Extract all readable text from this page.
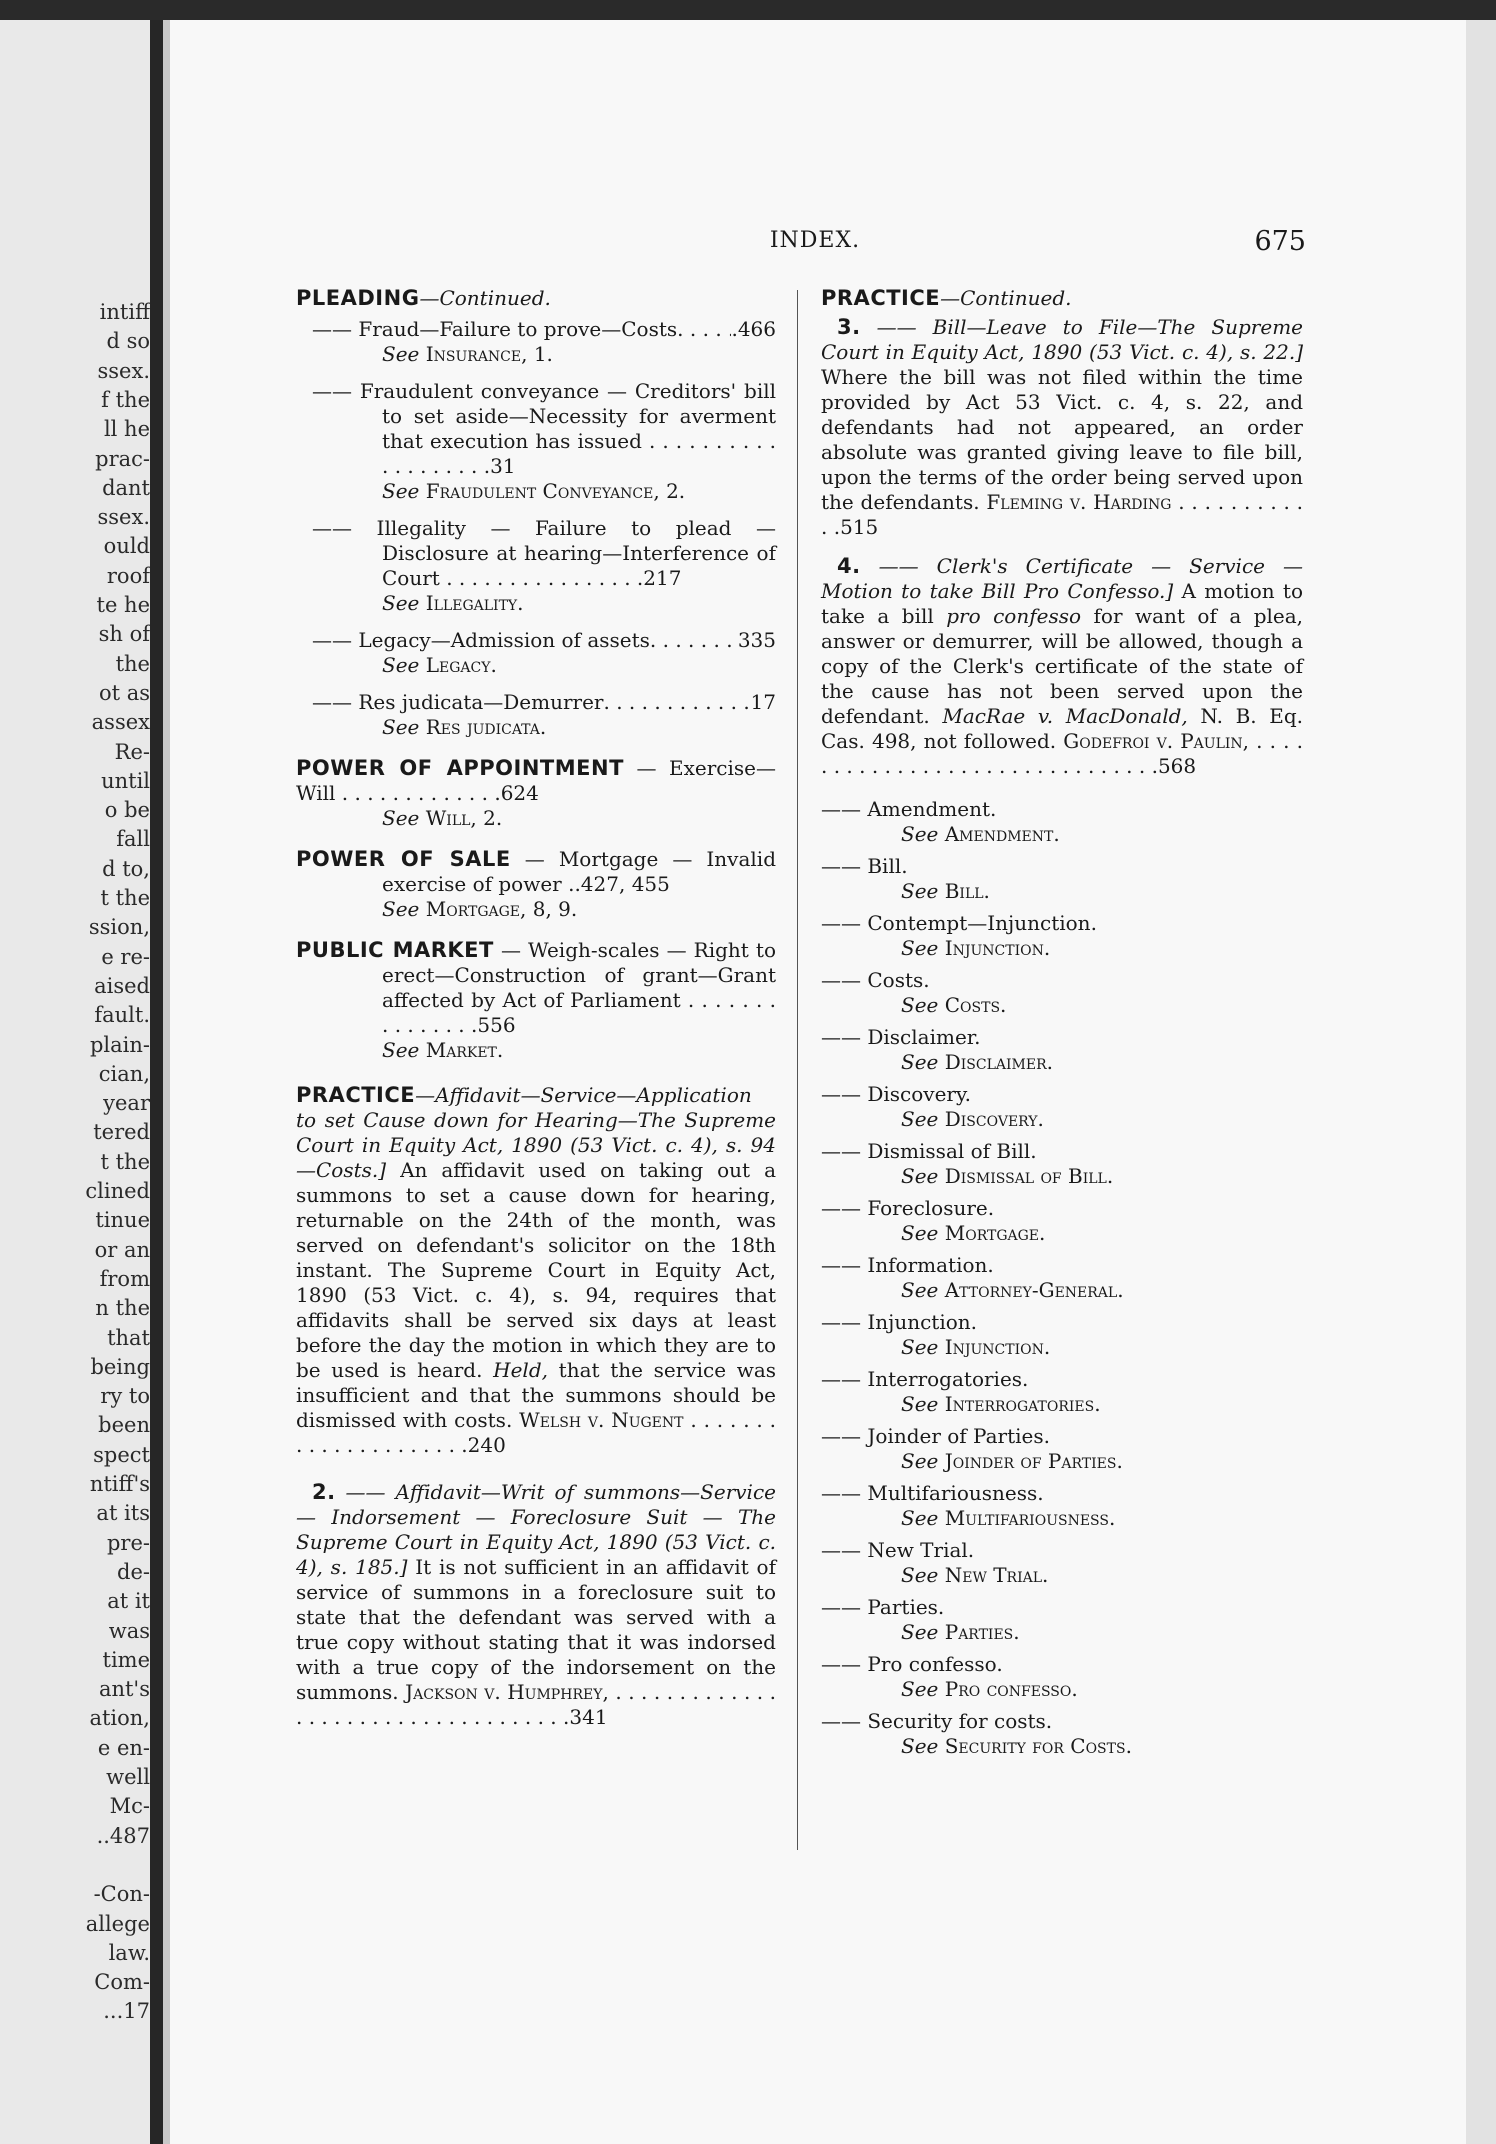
intiff
d so
ssex.
f the
ll he
prac-
dant
ssex.
ould
roof
te he
sh of
the
ot as
assex
Re-
until
o be
fall
d to,
t the
ssion,
e re-
aised
fault.
plain-
cian,
year
tered
t the
clined
tinue
or an
from
n the
that
being
ry to
been
spect
ntiff's
at its
pre-
de-
at it
was
time
ant's
ation,
e en-
well
Mc-
..487
-Con-
allege
law.
Com-
...17
INDEX.	675
PLEADING—Continued.
—— Fraud—Failure to prove—Costs . . .	.466
See Insurance, 1.
—— Fraudulent conveyance — Creditors' bill to set aside—Necessity for averment that execution has issued . . . . . . . . . . . . . . . . . . .31
See Fraudulent Conveyance, 2.
—— Illegality — Failure to plead — Disclosure at hearing—Interference of Court . . . . . . . . . . . . . . . .217
See Illegality.
—— Legacy—Admission of assets . . .	335
See Legacy.
—— Res judicata—Demurrer . . .	17
See Res judicata.
POWER OF APPOINTMENT — Exercise—Will . . . . . . . . . . . . .624
See Will, 2.
POWER OF SALE — Mortgage — Invalid exercise of power ..427, 455
See Mortgage, 8, 9.
PUBLIC MARKET — Weigh-scales — Right to erect—Construction of grant—Grant affected by Act of Parliament . . . . . . . . . . . . . . .556
See Market.
PRACTICE—Affidavit—Service—Application to set Cause down for Hearing—The Supreme Court in Equity Act, 1890 (53 Vict. c. 4), s. 94—Costs.] An affidavit used on taking out a summons to set a cause down for hearing, returnable on the 24th of the month, was served on defendant's solicitor on the 18th instant. The Supreme Court in Equity Act, 1890 (53 Vict. c. 4), s. 94, requires that affidavits shall be served six days at least before the day the motion in which they are to be used is heard. Held, that the service was insufficient and that the summons should be dismissed with costs. Welsh v. Nugent . . . . . . . . . . . . . . . . . . . . .240
2. —— Affidavit—Writ of summons—Service — Indorsement — Foreclosure Suit — The Supreme Court in Equity Act, 1890 (53 Vict. c. 4), s. 185.] It is not sufficient in an affidavit of service of summons in a foreclosure suit to state that the defendant was served with a true copy without stating that it was indorsed with a true copy of the indorsement on the summons. Jackson v. Humphrey, . . . . . . . . . . . . . . . . . . . . . . . . . . . . . . . . . . .341
PRACTICE—Continued.
3. —— Bill—Leave to File—The Supreme Court in Equity Act, 1890 (53 Vict. c. 4), s. 22.] Where the bill was not filed within the time provided by Act 53 Vict. c. 4, s. 22, and defendants had not appeared, an order absolute was granted giving leave to file bill, upon the terms of the order being served upon the defendants. Fleming v. Harding . . . . . . . . . . . .515
4. —— Clerk's Certificate — Service — Motion to take Bill Pro Confesso.] A motion to take a bill pro confesso for want of a plea, answer or demurrer, will be allowed, though a copy of the Clerk's certificate of the state of the cause has not been served upon the defendant. MacRae v. MacDonald, N. B. Eq. Cas. 498, not followed. Godefroi v. Paulin, . . . . . . . . . . . . . . . . . . . . . . . . . . . . . . .568
—— Amendment.
See Amendment.
—— Bill.
See Bill.
—— Contempt—Injunction.
See Injunction.
—— Costs.
See Costs.
—— Disclaimer.
See Disclaimer.
—— Discovery.
See Discovery.
—— Dismissal of Bill.
See Dismissal of Bill.
—— Foreclosure.
See Mortgage.
—— Information.
See Attorney-General.
—— Injunction.
See Injunction.
—— Interrogatories.
See Interrogatories.
—— Joinder of Parties.
See Joinder of Parties.
—— Multifariousness.
See Multifariousness.
—— New Trial.
See New Trial.
—— Parties.
See Parties.
—— Pro confesso.
See Pro confesso.
—— Security for costs.
See Security for Costs.
